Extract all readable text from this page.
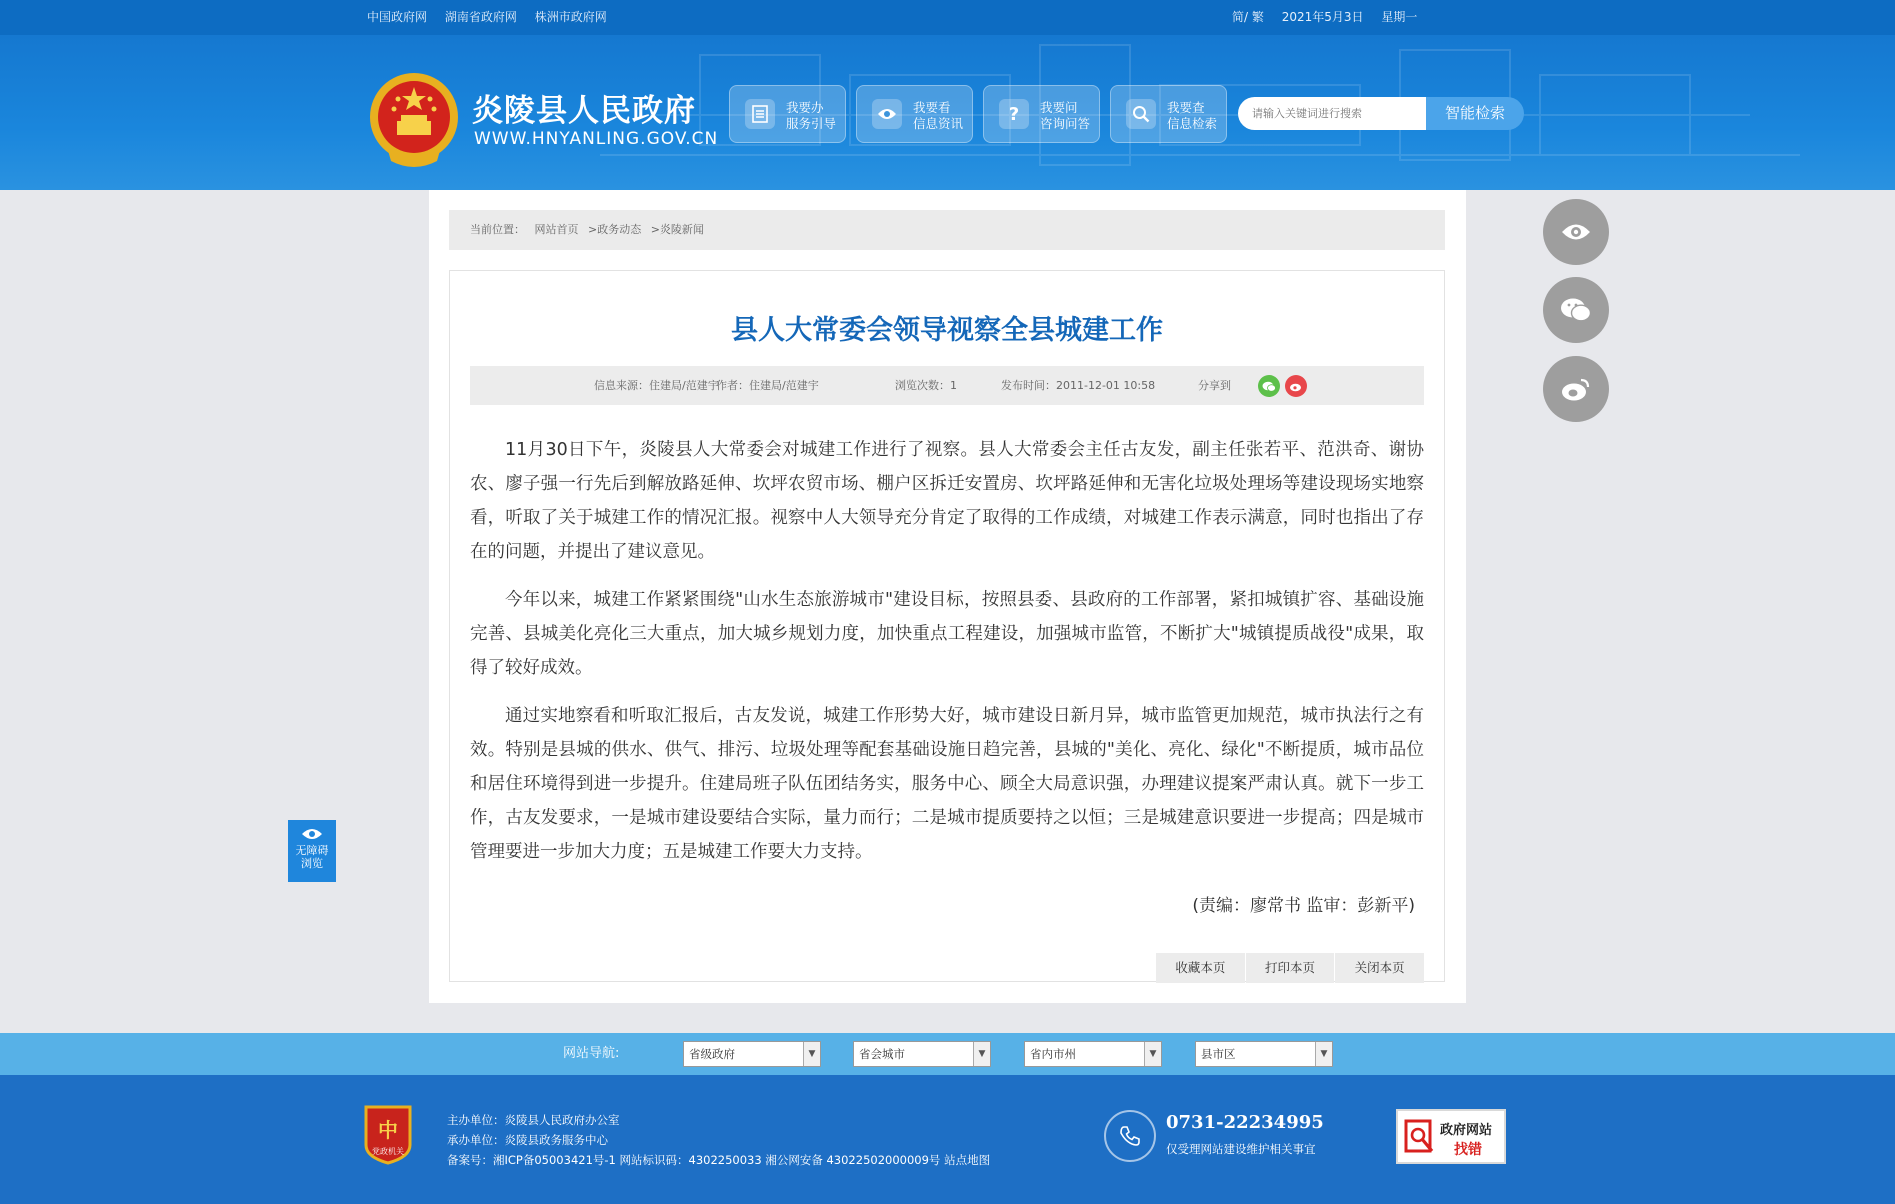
中国政府网 湖南省政府网 株洲市政府网	简/ 繁 2021年5月3日 星期一
炎陵县人民政府
WWW.HNYANLING.GOV.CN
我要办
服务引导
我要看
信息资讯	?	我要问
咨询问答
我要查
信息检索
请输入关键词进行搜索
智能检索
当前位置： 网站首页 >政务动态 >炎陵新闻
县人大常委会领导视察全县城建工作
信息来源：住建局/范建宇
作者：住建局/范建宇	浏览次数：1	发布时间：2011-12-01 10:58	分享到

11月30日下午，炎陵县人大常委会对城建工作进行了视察。县人大常委会主任古友发，副主任张若平、范洪奇、谢协农、廖子强一行先后到解放路延伸、坎坪农贸市场、棚户区拆迁安置房、坎坪路延伸和无害化垃圾处理场等建设现场实地察看，听取了关于城建工作的情况汇报。视察中人大领导充分肯定了取得的工作成绩，对城建工作表示满意，同时也指出了存在的问题，并提出了建议意见。

今年以来，城建工作紧紧围绕"山水生态旅游城市"建设目标，按照县委、县政府的工作部署，紧扣城镇扩容、基础设施完善、县城美化亮化三大重点，加大城乡规划力度，加快重点工程建设，加强城市监管，不断扩大"城镇提质战役"成果，取得了较好成效。

通过实地察看和听取汇报后，古友发说，城建工作形势大好，城市建设日新月异，城市监管更加规范，城市执法行之有效。特别是县城的供水、供气、排污、垃圾处理等配套基础设施日趋完善，县城的"美化、亮化、绿化"不断提质，城市品位和居住环境得到进一步提升。住建局班子队伍团结务实，服务中心、顾全大局意识强，办理建议提案严肃认真。就下一步工作，古友发要求，一是城市建设要结合实际，量力而行；二是城市提质要持之以恒；三是城建意识要进一步提高；四是城市管理要进一步加大力度；五是城建工作要大力支持。

(责编：廖常书 监审：彭新平)
收藏本页	打印本页	关闭本页
无障碍
浏览
网站导航:	省级政府	▼	省会城市	▼	省内市州	▼	县市区	▼
中
党政机关
主办单位：炎陵县人民政府办公室
承办单位：炎陵县政务服务中心
备案号：湘ICP备05003421号-1 网站标识码：4302250033 湘公网安备 43022502000009号 站点地图
0731-22234995
仅受理网站建设维护相关事宜
政府网站
找错
